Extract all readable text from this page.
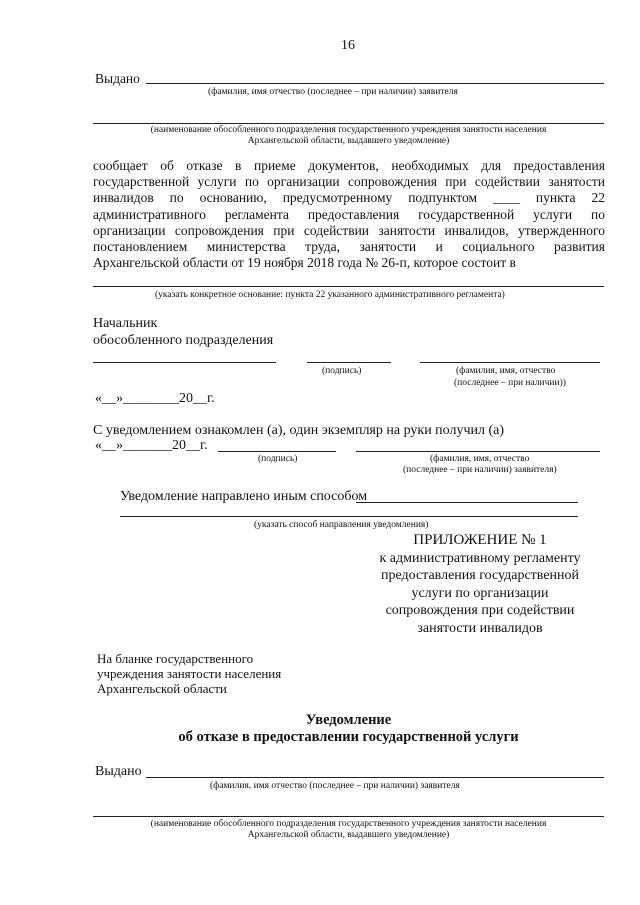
16
Выдано
(фамилия, имя отчество (последнее – при наличии) заявителя
(наименование обособленного подразделения государственного учреждения занятости населения
Архангельской области, выдавшего уведомление)
сообщает об отказе в приеме документов, необходимых для предоставления
государственной услуги по организации сопровождения при содействии занятости
инвалидов по основанию, предусмотренному подпунктом ____ пункта 22
административного регламента предоставления государственной услуги по
организации сопровождения при содействии занятости инвалидов, утвержденного
постановлением министерства труда, занятости и социального развития
Архангельской области от 19 ноября 2018 года № 26-п, которое состоит в
(указать конкретное основание: пункта 22 указанного административного регламента)
Начальник
обособленного подразделения
(подпись)	(фамилия, имя, отчество
(последнее – при наличии))
«__»________20__г.
С уведомлением ознакомлен (а), один экземпляр на руки получил (а)
«__»_______20__г.
(подпись)	(фамилия, имя, отчество
(последнее – при наличии) заявителя)
Уведомление направлено иным способом
(указать способ направления уведомления)
ПРИЛОЖЕНИЕ № 1
к административному регламенту
предоставления государственной
услуги по организации
сопровождения при содействии
занятости инвалидов
На бланке государственного
учреждения занятости населения
Архангельской области
Уведомление
об отказе в предоставлении государственной услуги
Выдано
(фамилия, имя отчество (последнее – при наличии) заявителя
(наименование обособленного подразделения государственного учреждения занятости населения
Архангельской области, выдавшего уведомление)
